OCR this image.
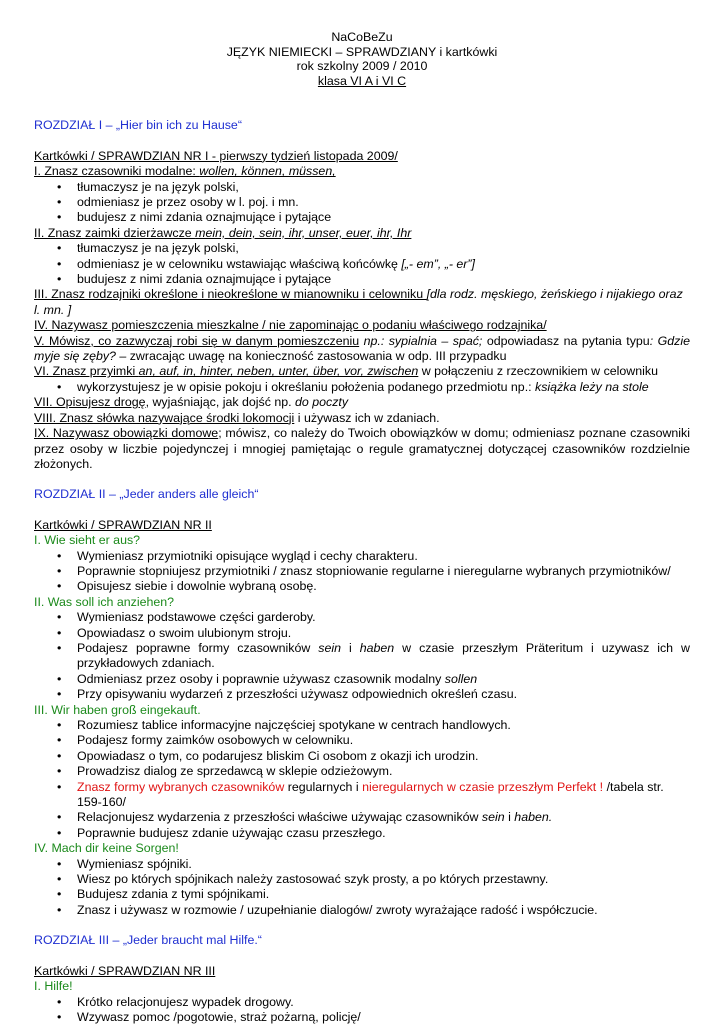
NaCoBeZu
JĘZYK NIEMIECKI – SPRAWDZIANY i kartkówki
rok szkolny 2009 / 2010
klasa VI A i VI C

ROZDZIAŁ I – „Hier bin ich zu Hause“

Kartkówki / SPRAWDZIAN NR I - pierwszy tydzień listopada 2009/

I. Znasz czasowniki modalne: wollen, können, müssen,

• tłumaczysz je na język polski,
• odmieniasz je przez osoby w l. poj. i mn.
• budujesz z nimi zdania oznajmujące i pytające

II. Znasz zaimki dzierżawcze mein, dein, sein, ihr, unser, euer, ihr, Ihr

• tłumaczysz je na język polski,
• odmieniasz je w celowniku wstawiając właściwą końcówkę [„- em”, „- er”]
• budujesz z nimi zdania oznajmujące i pytające

III. Znasz rodzajniki określone i nieokreślone w mianowniku i celowniku [dla rodz. męskiego, żeńskiego i nijakiego oraz l. mn. ]

IV. Nazywasz pomieszczenia mieszkalne / nie zapominając o podaniu właściwego rodzajnika/

V. Mówisz, co zazwyczaj robi się w danym pomieszczeniu np.: sypialnia – spać; odpowiadasz na pytania typu: Gdzie myje się zęby? – zwracając uwagę na konieczność zastosowania w odp. III przypadku

VI. Znasz przyimki an, auf, in, hinter, neben, unter, über, vor, zwischen w połączeniu z rzeczownikiem w celowniku

• wykorzystujesz je w opisie pokoju i określaniu położenia podanego przedmiotu np.: książka leży na stole

VII. Opisujesz drogę, wyjaśniając, jak dojść np. do poczty

VIII. Znasz słówka nazywające środki lokomocji i używasz ich w zdaniach.

IX. Nazywasz obowiązki domowe; mówisz, co należy do Twoich obowiązków w domu; odmieniasz poznane czasowniki przez osoby w liczbie pojedynczej i mnogiej pamiętając o regule gramatycznej dotyczącej czasowników rozdzielnie złożonych.

ROZDZIAŁ II – „Jeder anders alle gleich“

Kartkówki / SPRAWDZIAN NR II

I. Wie sieht er aus?

• Wymieniasz przymiotniki opisujące wygląd i cechy charakteru.
• Poprawnie stopniujesz przymiotniki / znasz stopniowanie regularne i nieregularne wybranych przymiotników/
• Opisujesz siebie i dowolnie wybraną osobę.

II. Was soll ich anziehen?

• Wymieniasz podstawowe części garderoby.
• Opowiadasz o swoim ulubionym stroju.
• Podajesz poprawne formy czasowników sein i haben w czasie przeszłym Präteritum i uzywasz ich w przykładowych zdaniach.
• Odmieniasz przez osoby i poprawnie używasz czasownik modalny sollen
• Przy opisywaniu wydarzeń z przeszłości używasz odpowiednich określeń czasu.

III. Wir haben groß eingekauft.

• Rozumiesz tablice informacyjne najczęściej spotykane w centrach handlowych.
• Podajesz formy zaimków osobowych w celowniku.
• Opowiadasz o tym, co podarujesz bliskim Ci osobom z okazji ich urodzin.
• Prowadzisz dialog ze sprzedawcą w sklepie odzieżowym.
• Znasz formy wybranych czasowników regularnych i nieregularnych w czasie przeszłym Perfekt ! /tabela str. 159-160/
• Relacjonujesz wydarzenia z przeszłości właściwe używając czasowników sein i haben.
• Poprawnie budujesz zdanie używając czasu przeszłego.

IV. Mach dir keine Sorgen!

• Wymieniasz spójniki.
• Wiesz po których spójnikach należy zastosować szyk prosty, a po których przestawny.
• Budujesz zdania z tymi spójnikami.
• Znasz i używasz w rozmowie / uzupełnianie dialogów/ zwroty wyrażające radość i współczucie.

ROZDZIAŁ III – „Jeder braucht mal Hilfe.“

Kartkówki / SPRAWDZIAN NR III

I. Hilfe!

• Krótko relacjonujesz wypadek drogowy.
• Wzywasz pomoc /pogotowie, straż pożarną, policję/
